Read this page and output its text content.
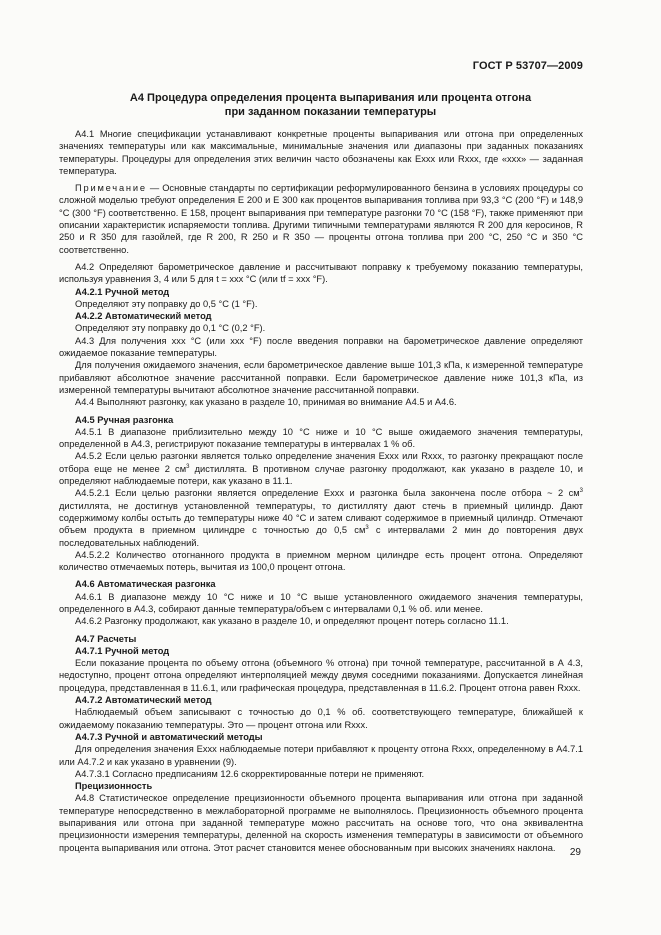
ГОСТ Р 53707—2009
А4 Процедура определения процента выпаривания или процента отгона
при заданном показании температуры

А4.1 Многие спецификации устанавливают конкретные проценты выпаривания или отгона при определенных значениях температуры или как максимальные, минимальные значения или диапазоны при заданных показаниях температуры. Процедуры для определения этих величин часто обозначены как Еххх или Rxxx, где «xxx» — заданная температура.

Примечание — Основные стандарты по сертификации реформулированного бензина в условиях процедуры со сложной моделью требуют определения Е 200 и Е 300 как процентов выпаривания топлива при 93,3 °С (200 °F) и 148,9 °С (300 °F) соответственно. Е 158, процент выпаривания при температуре разгонки 70 °С (158 °F), также применяют при описании характеристик испаряемости топлива. Другими типичными температурами являются R 200 для керосинов, R 250 и R 350 для газойлей, где R 200, R 250 и R 350 — проценты отгона топлива при 200 °С, 250 °С и 350 °С соответственно.

А4.2 Определяют барометрическое давление и рассчитывают поправку к требуемому показанию температуры, используя уравнения 3, 4 или 5 для t = ххх °С (или tf = xxx °F).

А4.2.1 Ручной метод

Определяют эту поправку до 0,5 °С (1 °F).

А4.2.2 Автоматический метод

Определяют эту поправку до 0,1 °С (0,2 °F).

А4.3 Для получения ххх °С (или ххх °F) после введения поправки на барометрическое давление определяют ожидаемое показание температуры.

Для получения ожидаемого значения, если барометрическое давление выше 101,3 кПа, к измеренной температуре прибавляют абсолютное значение рассчитанной поправки. Если барометрическое давление ниже 101,3 кПа, из измеренной температуры вычитают абсолютное значение рассчитанной поправки.

А4.4 Выполняют разгонку, как указано в разделе 10, принимая во внимание А4.5 и А4.6.

А4.5 Ручная разгонка

А4.5.1 В диапазоне приблизительно между 10 °С ниже и 10 °С выше ожидаемого значения температуры, определенной в А4.3, регистрируют показание температуры в интервалах 1 % об.

А4.5.2 Если целью разгонки является только определение значения Еххх или Rxxx, то разгонку прекращают после отбора еще не менее 2 $см^3$ дистиллята. В противном случае разгонку продолжают, как указано в разделе 10, и определяют наблюдаемые потери, как указано в 11.1.

А4.5.2.1 Если целью разгонки является определение Еххх и разгонка была закончена после отбора ~ 2 $см^3$ дистиллята, не достигнув установленной температуры, то дистилляту дают стечь в приемный цилиндр. Дают содержимому колбы остыть до температуры ниже 40 °С и затем сливают содержимое в приемный цилиндр. Отмечают объем продукта в приемном цилиндре с точностью до 0,5 $см^3$ с интервалами 2 мин до повторения двух последовательных наблюдений.

А4.5.2.2 Количество отогнанного продукта в приемном мерном цилиндре есть процент отгона. Определяют количество отмечаемых потерь, вычитая из 100,0 процент отгона.

А4.6 Автоматическая разгонка

А4.6.1 В диапазоне между 10 °С ниже и 10 °С выше установленного ожидаемого значения температуры, определенного в А4.3, собирают данные температура/объем с интервалами 0,1 % об. или менее.

А4.6.2 Разгонку продолжают, как указано в разделе 10, и определяют процент потерь согласно 11.1.

А4.7 Расчеты

А4.7.1 Ручной метод

Если показание процента по объему отгона (объемного % отгона) при точной температуре, рассчитанной в А 4.3, недоступно, процент отгона определяют интерполяцией между двумя соседними показаниями. Допускается линейная процедура, представленная в 11.6.1, или графическая процедура, представленная в 11.6.2. Процент отгона равен Rxxx.

А4.7.2 Автоматический метод

Наблюдаемый объем записывают с точностью до 0,1 % об. соответствующего температуре, ближайшей к ожидаемому показанию температуры. Это — процент отгона или Rxxx.

А4.7.3 Ручной и автоматический методы

Для определения значения Еххх наблюдаемые потери прибавляют к проценту отгона Rxxx, определенному в А4.7.1 или А4.7.2 и как указано в уравнении (9).

А4.7.3.1 Согласно предписаниям 12.6 скорректированные потери не применяют.

Прецизионность

А4.8 Статистическое определение прецизионности объемного процента выпаривания или отгона при заданной температуре непосредственно в межлабораторной программе не выполнялось. Прецизионность объемного процента выпаривания или отгона при заданной температуре можно рассчитать на основе того, что она эквивалентна прецизионности измерения температуры, деленной на скорость изменения температуры в зависимости от объемного процента выпаривания или отгона. Этот расчет становится менее обоснованным при высоких значениях наклона.	29
